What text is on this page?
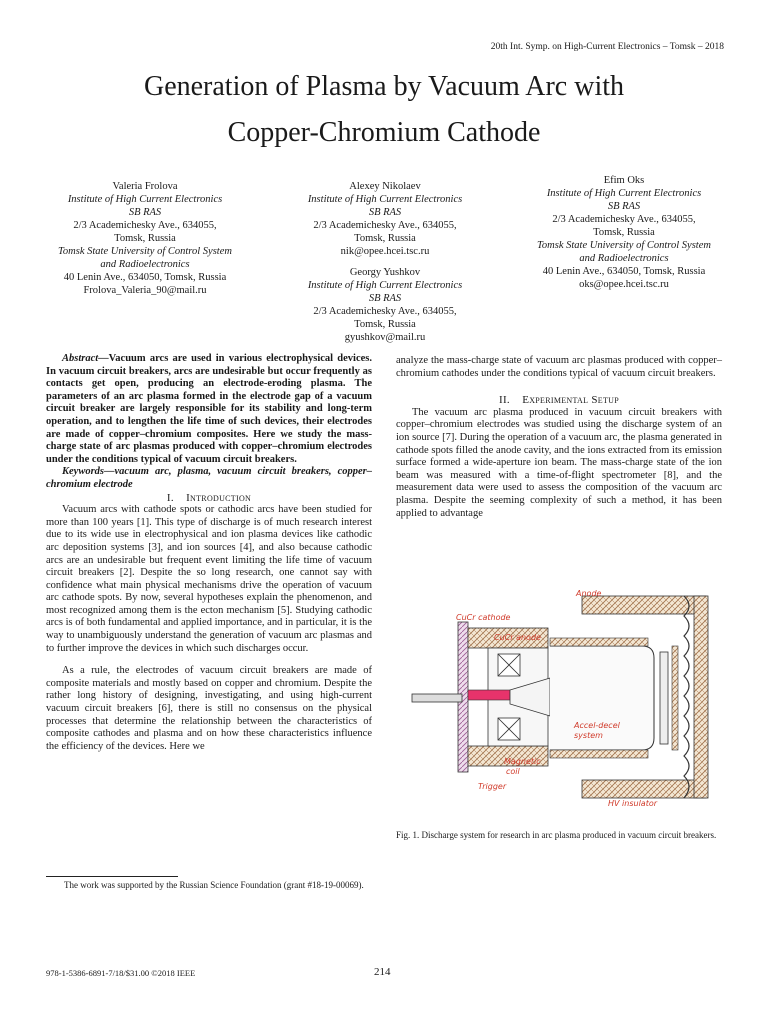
20th Int. Symp. on High-Current Electronics – Tomsk – 2018
Generation of Plasma by Vacuum Arc with
Copper-Chromium Cathode
Valeria Frolova
Institute of High Current Electronics
SB RAS
2/3 Academichesky Ave., 634055,
Tomsk, Russia
Tomsk State University of Control System
and Radioelectronics
40 Lenin Ave., 634050, Tomsk, Russia
Frolova_Valeria_90@mail.ru
Alexey Nikolaev
Institute of High Current Electronics
SB RAS
2/3 Academichesky Ave., 634055,
Tomsk, Russia
nik@opee.hcei.tsc.ru
Georgy Yushkov
Institute of High Current Electronics
SB RAS
2/3 Academichesky Ave., 634055,
Tomsk, Russia
gyushkov@mail.ru
Efim Oks
Institute of High Current Electronics
SB RAS
2/3 Academichesky Ave., 634055,
Tomsk, Russia
Tomsk State University of Control System
and Radioelectronics
40 Lenin Ave., 634050, Tomsk, Russia
oks@opee.hcei.tsc.ru

Abstract—Vacuum arcs are used in various electrophysical devices. In vacuum circuit breakers, arcs are undesirable but occur frequently as contacts get open, producing an electrode-eroding plasma. The parameters of an arc plasma formed in the electrode gap of a vacuum circuit breaker are largely responsible for its stability and long-term operation, and to lengthen the life time of such devices, their electrodes are made of copper–chromium composites. Here we study the mass-charge state of arc plasmas produced with copper–chromium electrodes under the conditions typical of vacuum circuit breakers.

Keywords—vacuum arc, plasma, vacuum circuit breakers, copper–chromium electrode

I. Introduction

Vacuum arcs with cathode spots or cathodic arcs have been studied for more than 100 years [1]. This type of discharge is of much research interest due to its wide use in electrophysical and ion plasma devices like cathodic arc deposition systems [3], and ion sources [4], and also because cathodic arcs are an undesirable but frequent event limiting the life time of vacuum circuit breakers [2]. Despite the so long research, one cannot say with confidence what main physical mechanisms drive the operation of vacuum arc cathode spots. By now, several hypotheses explain the phenomenon, and most recognized among them is the ecton mechanism [5]. Studying cathodic arcs is of both fundamental and applied importance, and in particular, it is the way to unambiguously understand the generation of vacuum arc plasmas and to further improve the devices in which such discharges occur.

As a rule, the electrodes of vacuum circuit breakers are made of composite materials and mostly based on copper and chromium. Despite the rather long history of designing, investigating, and using high-current vacuum circuit breakers [6], there is still no consensus on the physical processes that determine the relationship between the characteristics of composite cathodes and plasma and on how these characteristics influence the efficiency of the devices. Here we

analyze the mass-charge state of vacuum arc plasmas produced with copper–chromium cathodes under the conditions typical of vacuum circuit breakers.

II. Experimental Setup

The vacuum arc plasma produced in vacuum circuit breakers with copper–chromium electrodes was studied using the discharge system of an ion source [7]. During the operation of a vacuum arc, the plasma generated in cathode spots filled the anode cavity, and the ions extracted from its emission surface formed a wide-aperture ion beam. The mass-charge state of the ion beam was measured with a time-of-flight spectrometer [8], and the measurement data were used to assess the composition of the vacuum arc plasma. Despite the seeming complexity of such a method, it has been applied to advantage

Anode
CuCr cathode
CuCr anode
Accel-decel
system
Magnetic
coil
Trigger
HV insulator
Fig. 1. Discharge system for research in arc plasma produced in vacuum circuit breakers.
The work was supported by the Russian Science Foundation (grant #18-19-00069).
978-1-5386-6891-7/18/$31.00 ©2018 IEEE	214
